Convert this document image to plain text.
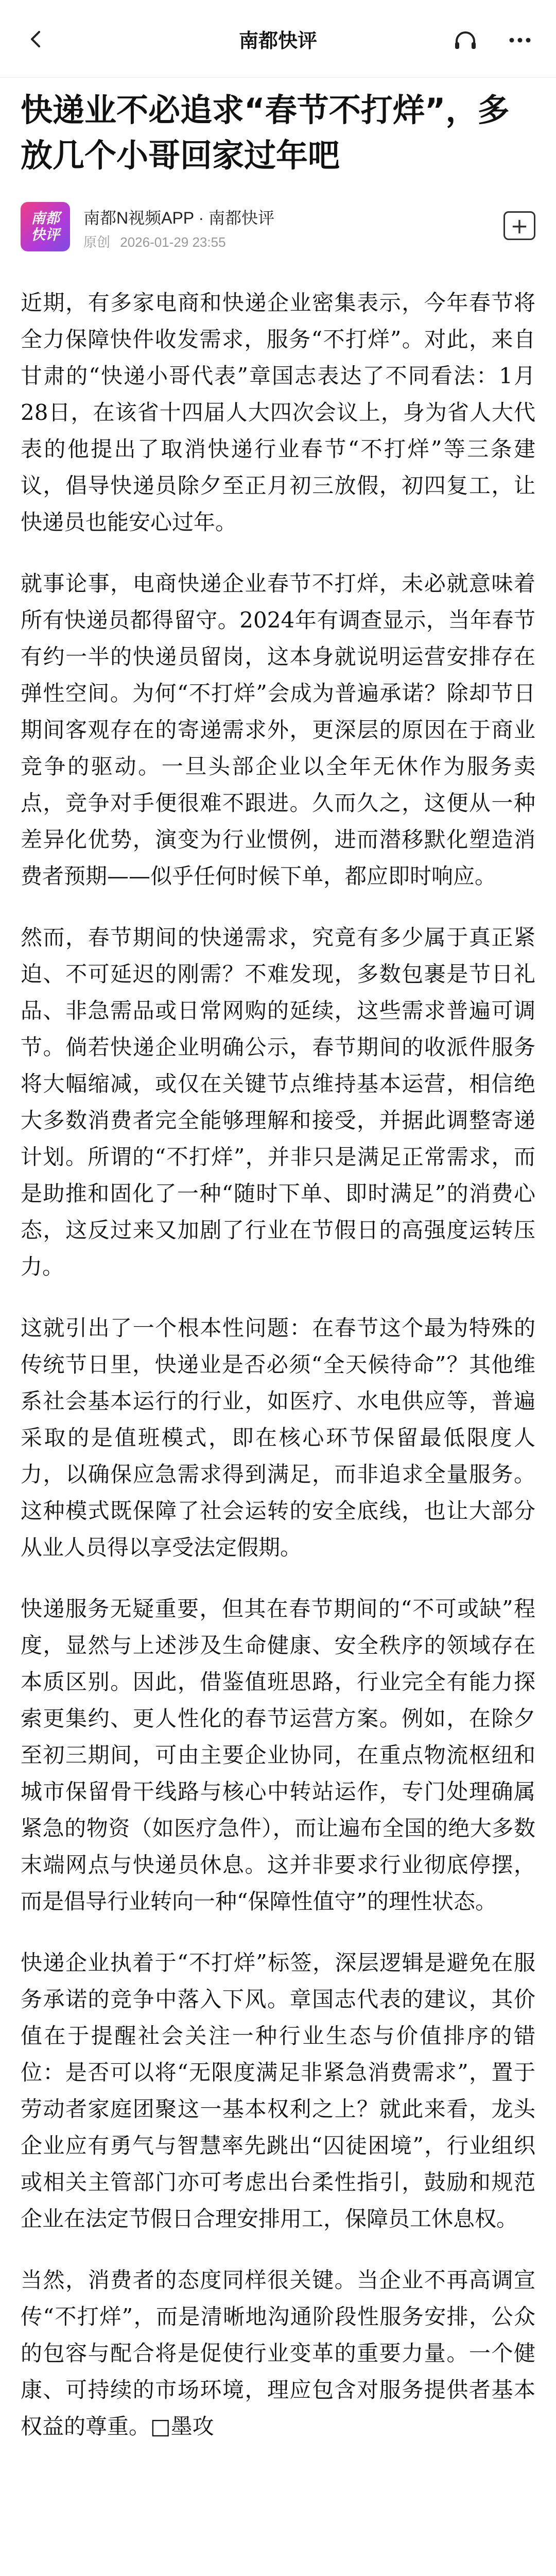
南都快评
快递业不必追求“春节不打烊”，多放几个小哥回家过年吧
南都
快评
南都N视频APP · 南都快评
原创 2026-01-29 23:55
+

近期，有多家电商和快递企业密集表示，今年春节将全力保障快件收发需求，服务“不打烊”。对此，来自甘肃的“快递小哥代表”章国志表达了不同看法：1月28日，在该省十四届人大四次会议上，身为省人大代表的他提出了取消快递行业春节“不打烊”等三条建议，倡导快递员除夕至正月初三放假，初四复工，让快递员也能安心过年。

就事论事，电商快递企业春节不打烊，未必就意味着所有快递员都得留守。2024年有调查显示，当年春节有约一半的快递员留岗，这本身就说明运营安排存在弹性空间。为何“不打烊”会成为普遍承诺？除却节日期间客观存在的寄递需求外，更深层的原因在于商业竞争的驱动。一旦头部企业以全年无休作为服务卖点，竞争对手便很难不跟进。久而久之，这便从一种差异化优势，演变为行业惯例，进而潜移默化塑造消费者预期——似乎任何时候下单，都应即时响应。

然而，春节期间的快递需求，究竟有多少属于真正紧迫、不可延迟的刚需？不难发现，多数包裹是节日礼品、非急需品或日常网购的延续，这些需求普遍可调节。倘若快递企业明确公示，春节期间的收派件服务将大幅缩减，或仅在关键节点维持基本运营，相信绝大多数消费者完全能够理解和接受，并据此调整寄递计划。所谓的“不打烊”，并非只是满足正常需求，而是助推和固化了一种“随时下单、即时满足”的消费心态，这反过来又加剧了行业在节假日的高强度运转压力。

这就引出了一个根本性问题：在春节这个最为特殊的传统节日里，快递业是否必须“全天候待命”？其他维系社会基本运行的行业，如医疗、水电供应等，普遍采取的是值班模式，即在核心环节保留最低限度人力，以确保应急需求得到满足，而非追求全量服务。这种模式既保障了社会运转的安全底线，也让大部分从业人员得以享受法定假期。

快递服务无疑重要，但其在春节期间的“不可或缺”程度，显然与上述涉及生命健康、安全秩序的领域存在本质区别。因此，借鉴值班思路，行业完全有能力探索更集约、更人性化的春节运营方案。例如，在除夕至初三期间，可由主要企业协同，在重点物流枢纽和城市保留骨干线路与核心中转站运作，专门处理确属紧急的物资（如医疗急件），而让遍布全国的绝大多数末端网点与快递员休息。这并非要求行业彻底停摆，而是倡导行业转向一种“保障性值守”的理性状态。

快递企业执着于“不打烊”标签，深层逻辑是避免在服务承诺的竞争中落入下风。章国志代表的建议，其价值在于提醒社会关注一种行业生态与价值排序的错位：是否可以将“无限度满足非紧急消费需求”，置于劳动者家庭团聚这一基本权利之上？就此来看，龙头企业应有勇气与智慧率先跳出“囚徒困境”，行业组织或相关主管部门亦可考虑出台柔性指引，鼓励和规范企业在法定节假日合理安排用工，保障员工休息权。

当然，消费者的态度同样很关键。当企业不再高调宣传“不打烊”，而是清晰地沟通阶段性服务安排，公众的包容与配合将是促使行业变革的重要力量。一个健康、可持续的市场环境，理应包含对服务提供者基本权益的尊重。□墨攻
